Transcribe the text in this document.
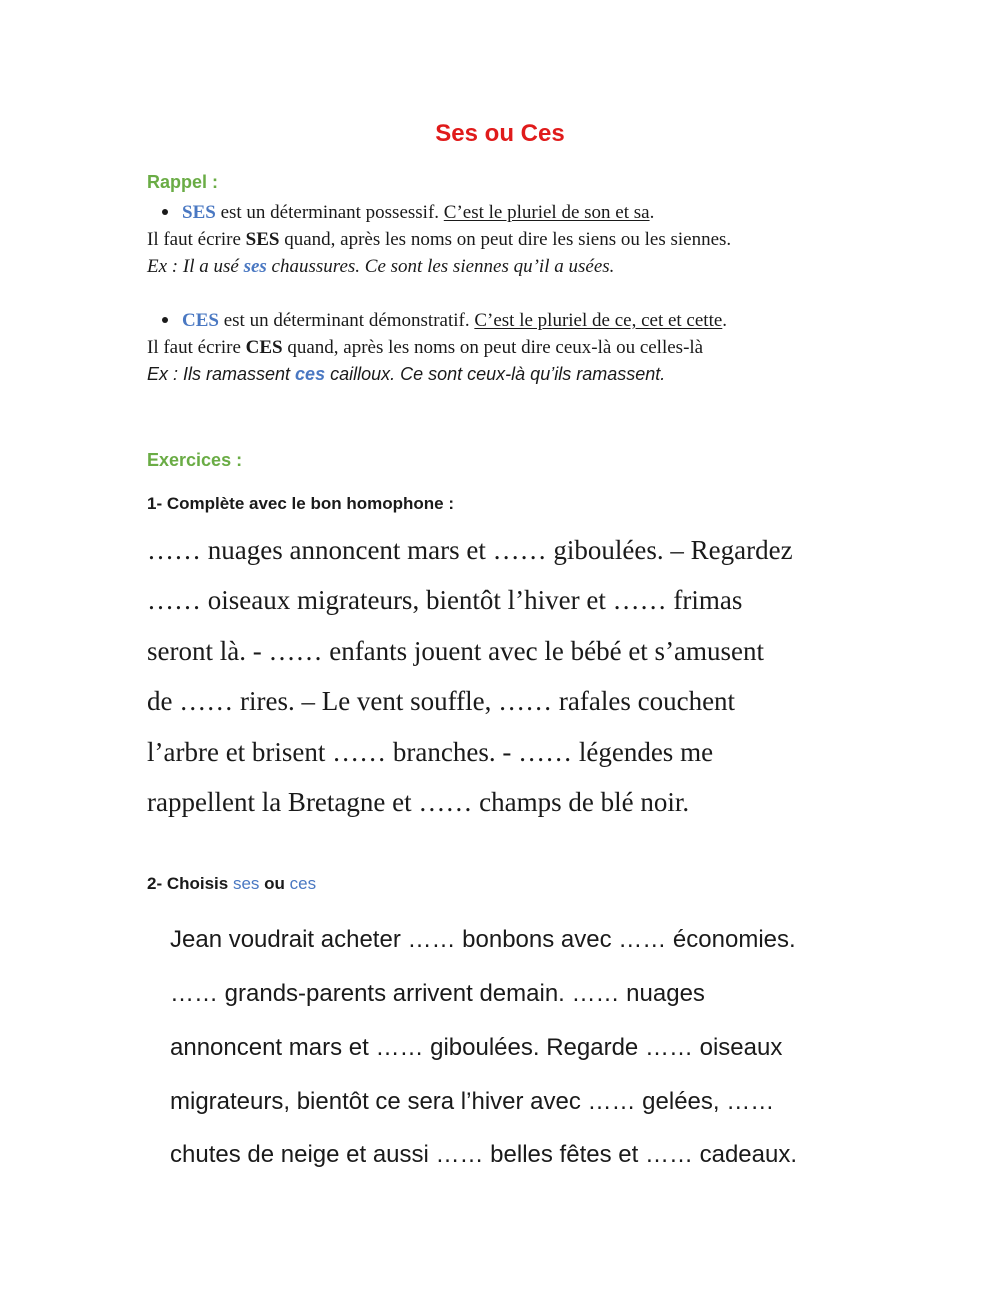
Ses ou Ces
Rappel :
SES est un déterminant possessif. C’est le pluriel de son et sa.
Il faut écrire SES quand, après les noms on peut dire les siens ou les siennes.
Ex : Il a usé ses chaussures. Ce sont les siennes qu’il a usées.
CES est un déterminant démonstratif. C’est le pluriel de ce, cet et cette.
Il faut écrire CES quand, après les noms on peut dire ceux-là ou celles-là
Ex : Ils ramassent ces cailloux. Ce sont ceux-là qu’ils ramassent.
Exercices :
1- Complète avec le bon homophone :
…… nuages annoncent mars et …… giboulées. – Regardez
…… oiseaux migrateurs, bientôt l’hiver et …… frimas
seront là. - …… enfants jouent avec le bébé et s’amusent
de …… rires. – Le vent souffle, …… rafales couchent
l’arbre et brisent …… branches. - …… légendes me
rappellent la Bretagne et …… champs de blé noir.
2- Choisis ses ou ces
Jean voudrait acheter …… bonbons avec …… économies.
…… grands-parents arrivent demain. …… nuages
annoncent mars et …… giboulées. Regarde …… oiseaux
migrateurs, bientôt ce sera l’hiver avec …… gelées, ……
chutes de neige et aussi …… belles fêtes et …… cadeaux.
